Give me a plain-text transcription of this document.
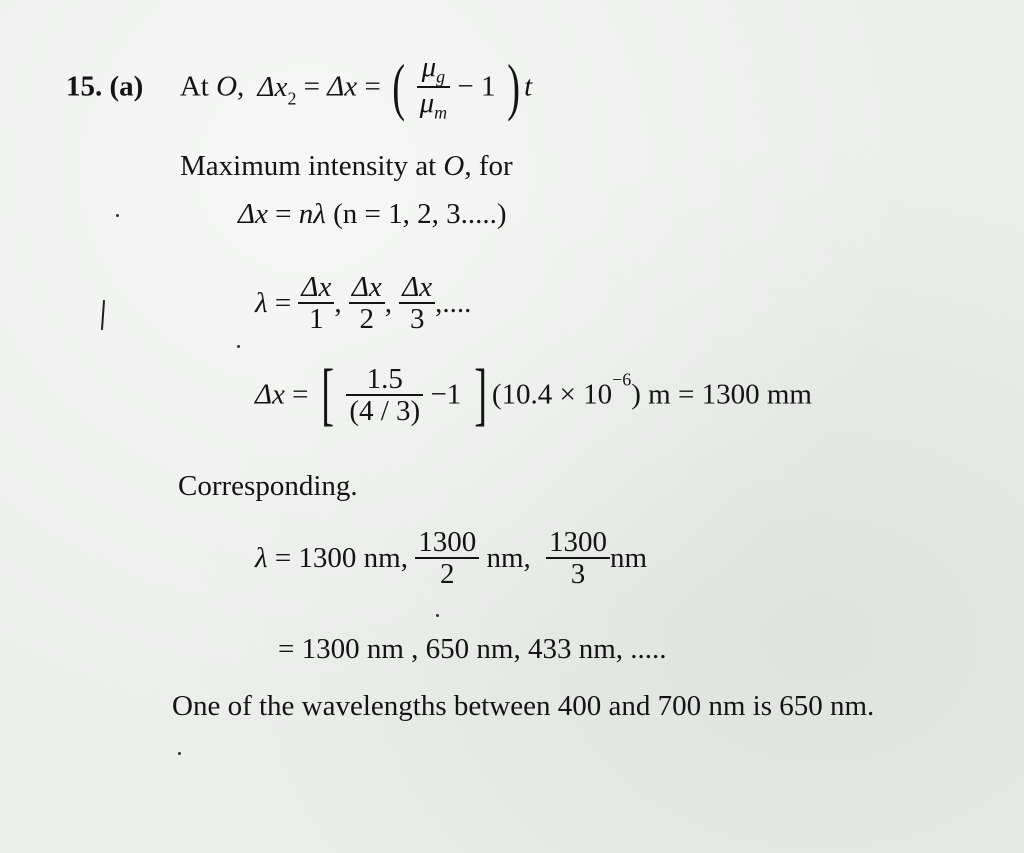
15. (a) At O, $\Delta x_2 = \Delta x$ = ( $\frac{\mu_g}{\mu_m} - 1$ ) t
Maximum intensity at O, for
Δx = nλ (n = 1, 2, 3.....)
$\lambda = \frac{\Delta x}{1}$ , $\frac{\Delta x}{2}$ , $\frac{\Delta x}{3}$ ,....
Δx = [ $\frac{1.5}{(4 / 3)} -1$ ] $(10.4 \times 10^{-6})$ m = 1300 mm
Corresponding.
λ = 1300 nm, $\frac{1300}{2}$ nm, $\frac{1300}{3}$ nm
= 1300 nm , 650 nm, 433 nm, .....
One of the wavelengths between 400 and 700 nm is 650 nm.
